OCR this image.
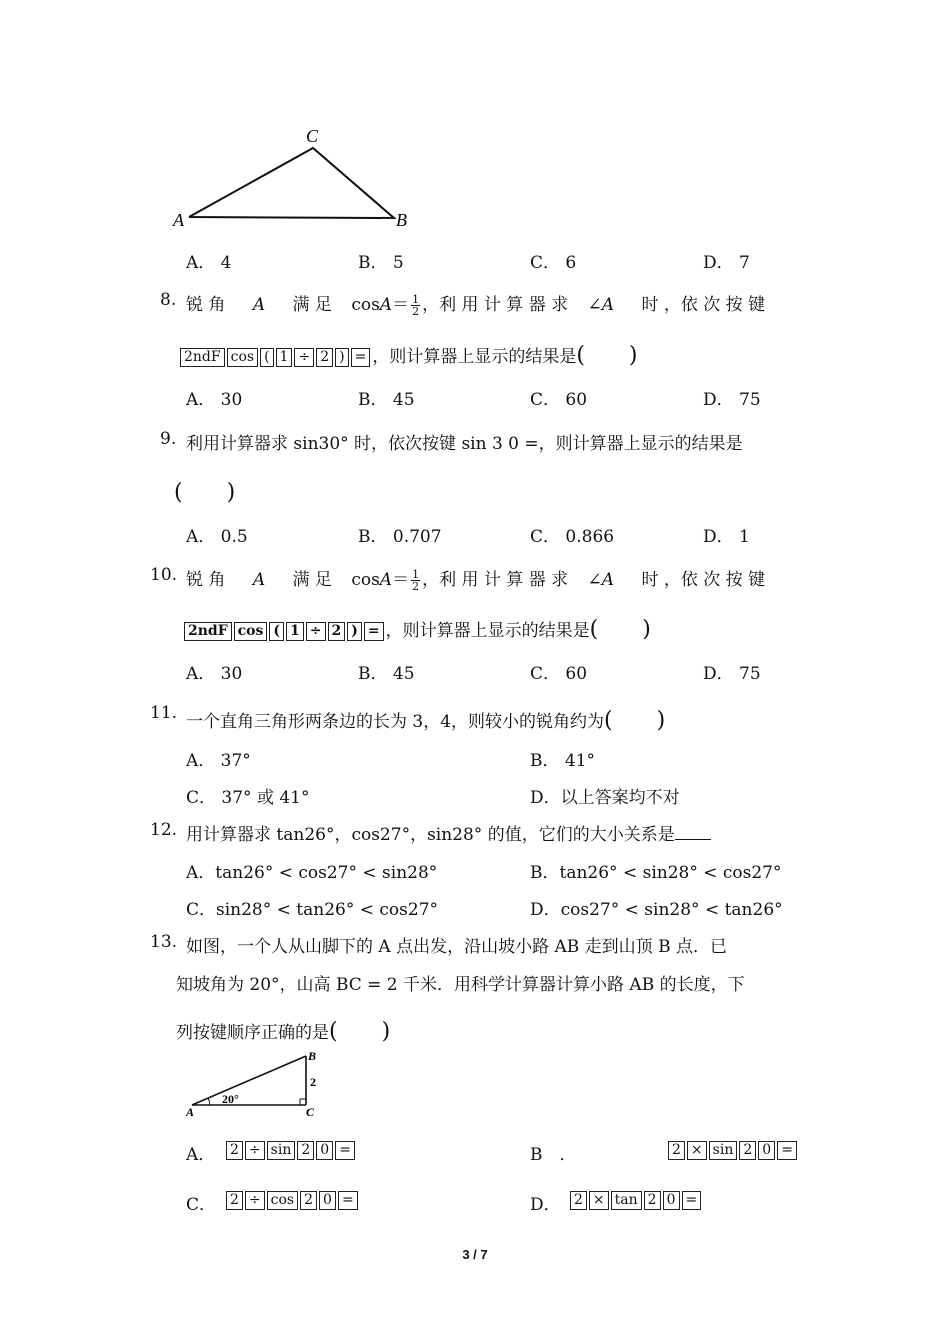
C
A	B
A． 4	B． 5	C． 6	D． 7
8. 锐 角 A 满 足 $\cos A= \frac{1}{2}$ ，利 用 计 算 器 求 ∠A 时 ，依 次 按 键
2ndF cos ( 1 ÷ 2 ) = ，则计算器上显示的结果是(　　)
A． 30	B． 45	C． 60	D． 75
9. 利用计算器求 sin30° 时，依次按键 sin 3 0 =，则计算器上显示的结果是
(　　)
A． 0.5	B． 0.707	C． 0.866	D． 1
10. 锐 角 A 满 足 $\cos A= \frac{1}{2}$ ，利 用 计 算 器 求 ∠A 时 ，依 次 按 键
2ndF cos ( 1 ÷ 2 ) = ，则计算器上显示的结果是(　　)
A． 30	B． 45	C． 60	D． 75
11. 一个直角三角形两条边的长为 3，4，则较小的锐角约为(　　)
A． 37°	B． 41°
C． 37° 或 41°	D．以上答案均不对
12. 用计算器求 tan26°，cos27°，sin28° 的值，它们的大小关系是
A．tan26° < cos27° < sin28°	B．tan26° < sin28° < cos27°
C．sin28° < tan26° < cos27°	D．cos27° < sin28° < tan26°
13. 如图，一个人从山脚下的 A 点出发，沿山坡小路 AB 走到山顶 B 点．已
知坡角为 20°，山高 BC = 2 千米．用科学计算器计算小路 AB 的长度，下
列按键顺序正确的是(　　)
B
2
C
A
20°
A． 2 ÷ sin 2 0 =	B　．	2 × sin 2 0 =
C． 2 ÷ cos 2 0 =	D． 2 × tan 2 0 =
3 / 7
